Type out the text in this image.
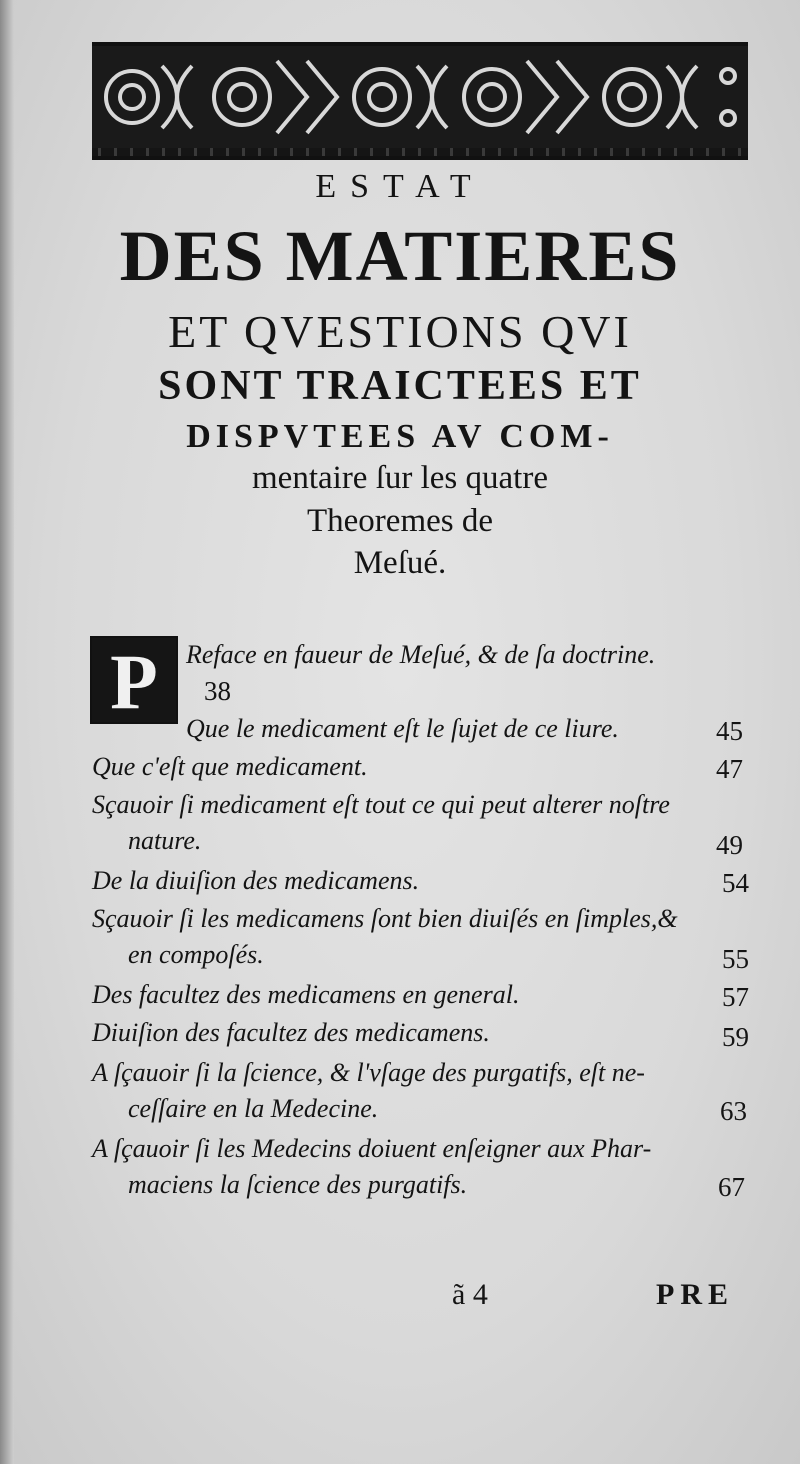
ESTAT
DES MATIERES
ET QVESTIONS QVI
SONT TRAICTEES ET
DISPVTEES AV COM-
mentaire ſur les quatre
Theoremes de
Meſué.
P	Reface en faueur de Meſué, & de ſa doctrine.
38
Que le medicament eſt le ſujet de ce liure.	45
Que c'eſt que medicament.	47
Sçauoir ſi medicament eſt tout ce qui peut alterer noſtre
nature.	49
De la diuiſion des medicamens.	54
Sçauoir ſi les medicamens ſont bien diuiſés en ſimples,&
en compoſés.	55
Des facultez des medicamens en general.	57
Diuiſion des facultez des medicamens.	59
A ſçauoir ſi la ſcience, & l'vſage des purgatifs, eſt ne-
ceſſaire en la Medecine.	63
A ſçauoir ſi les Medecins doiuent enſeigner aux Phar-
maciens la ſcience des purgatifs.	67
ã 4	PRE
